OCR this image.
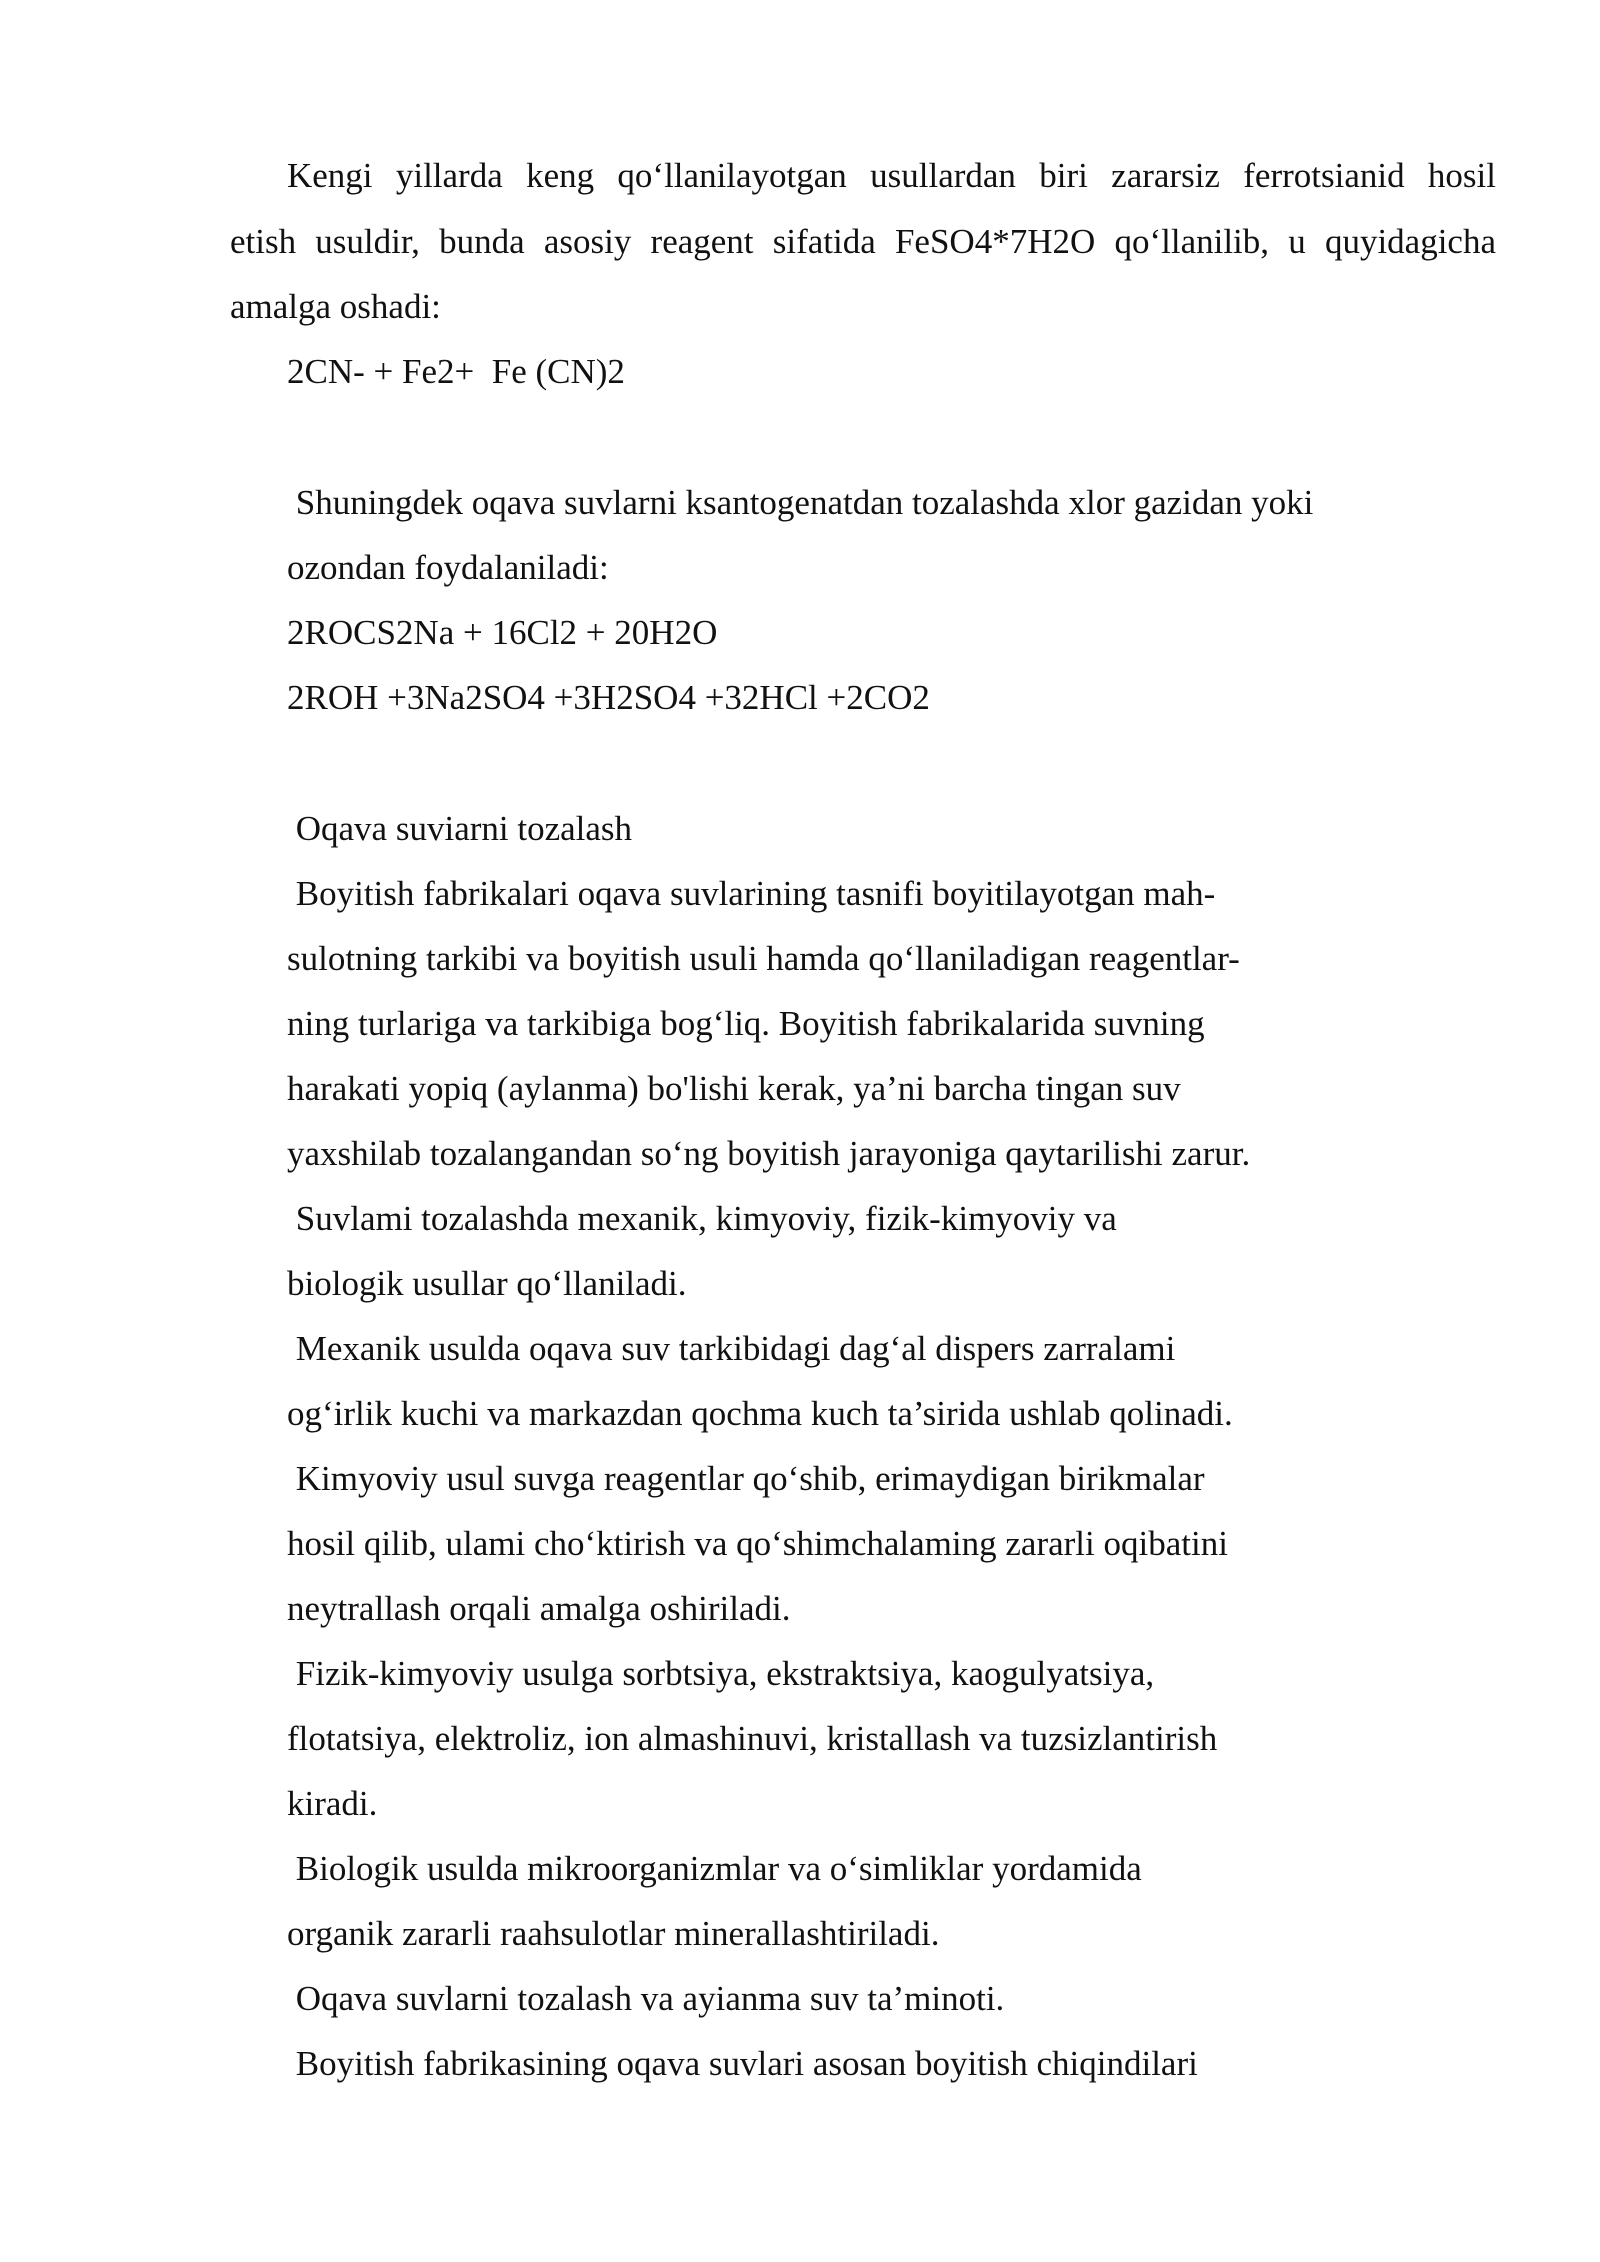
Kengi yillarda keng qo‘llanilayotgan usullardan biri zararsiz ferrotsianid hosil
etish usuldir, bunda asosiy reagent sifatida FeSO4*7H2O qo‘llanilib, u quyidagicha
amalga oshadi:
2CN- + Fe2+  Fe (CN)2
Shuningdek oqava suvlarni ksantogenatdan tozalashda xlor gazidan yoki
ozondan foydalaniladi:
2ROCS2Na + 16Cl2 + 20H2O
2ROH +3Na2SO4 +3H2SO4 +32HCl +2CO2
Oqava suviarni tozalash
Boyitish fabrikalari oqava suvlarining tasnifi boyitilayotgan mah-
sulotning tarkibi va boyitish usuli hamda qo‘llaniladigan reagentlar-
ning turlariga va tarkibiga bog‘liq. Boyitish fabrikalarida suvning
harakati yopiq (aylanma) bo'lishi kerak, ya’ni barcha tingan suv
yaxshilab tozalangandan so‘ng boyitish jarayoniga qaytarilishi zarur.
Suvlami tozalashda mexanik, kimyoviy, fizik-kimyoviy va
biologik usullar qo‘llaniladi.
Mexanik usulda oqava suv tarkibidagi dag‘al dispers zarralami
og‘irlik kuchi va markazdan qochma kuch ta’sirida ushlab qolinadi.
Kimyoviy usul suvga reagentlar qo‘shib, erimaydigan birikmalar
hosil qilib, ulami cho‘ktirish va qo‘shimchalaming zararli oqibatini
neytrallash orqali amalga oshiriladi.
Fizik-kimyoviy usulga sorbtsiya, ekstraktsiya, kaogulyatsiya,
flotatsiya, elektroliz, ion almashinuvi, kristallash va tuzsizlantirish
kiradi.
Biologik usulda mikroorganizmlar va o‘simliklar yordamida
organik zararli raahsulotlar minerallashtiriladi.
Oqava suvlarni tozalash va ayianma suv ta’minoti.
Boyitish fabrikasining oqava suvlari asosan boyitish chiqindilari
